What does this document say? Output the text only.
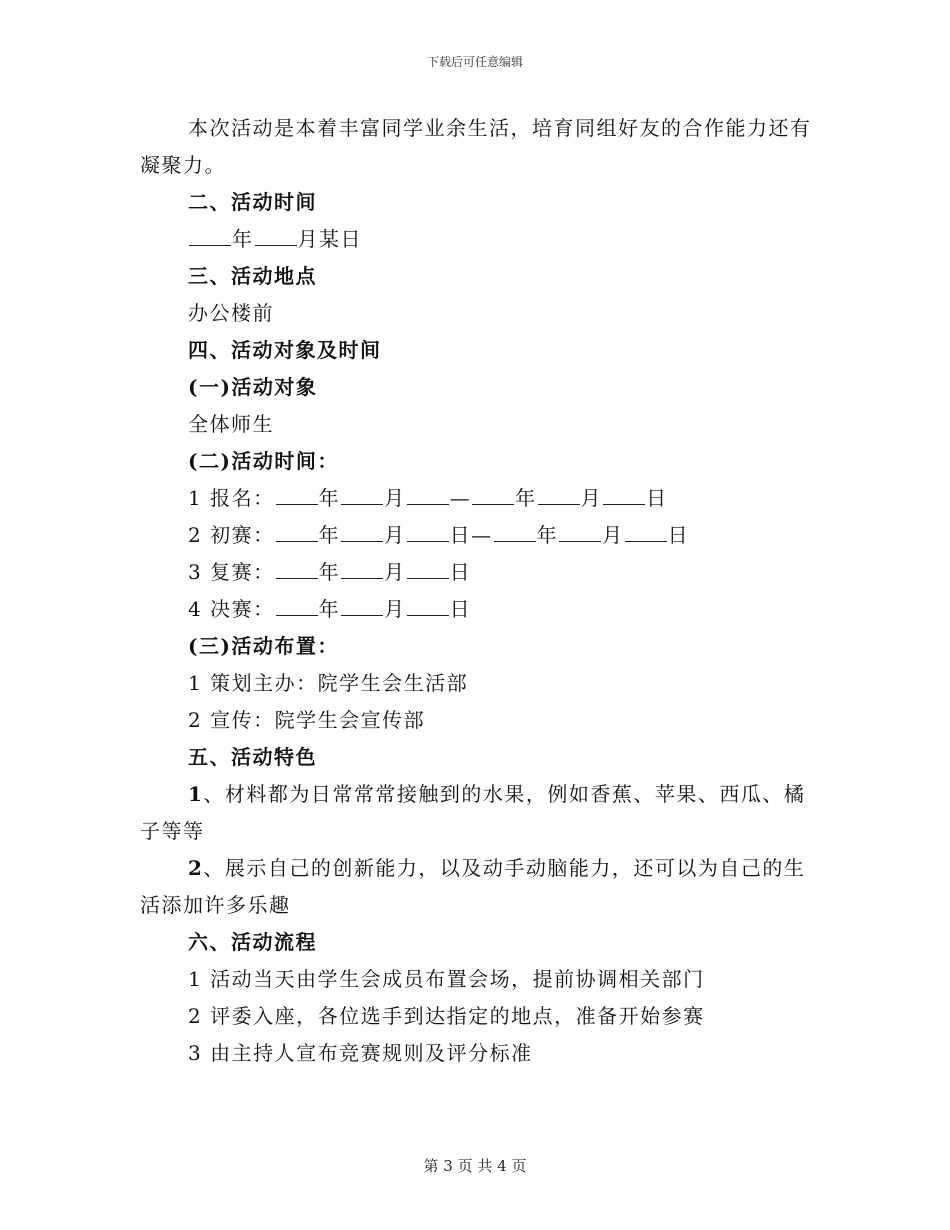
下载后可任意编辑

本次活动是本着丰富同学业余生活，培育同组好友的合作能力还有凝聚力。

二、活动时间

年 月某日

三、活动地点

办公楼前

四、活动对象及时间

(一)活动对象

全体师生

(二)活动时间：

1 报名： 年 月 — 年 月 日

2 初赛： 年 月 日— 年 月 日

3 复赛： 年 月 日

4 决赛： 年 月 日

(三)活动布置：

1 策划主办：院学生会生活部

2 宣传：院学生会宣传部

五、活动特色

1、材料都为日常常常接触到的水果，例如香蕉、苹果、西瓜、橘子等等

2、展示自己的创新能力，以及动手动脑能力，还可以为自己的生活添加许多乐趣

六、活动流程

1 活动当天由学生会成员布置会场，提前协调相关部门

2 评委入座，各位选手到达指定的地点，准备开始参赛

3 由主持人宣布竞赛规则及评分标准

第 3 页 共 4 页
